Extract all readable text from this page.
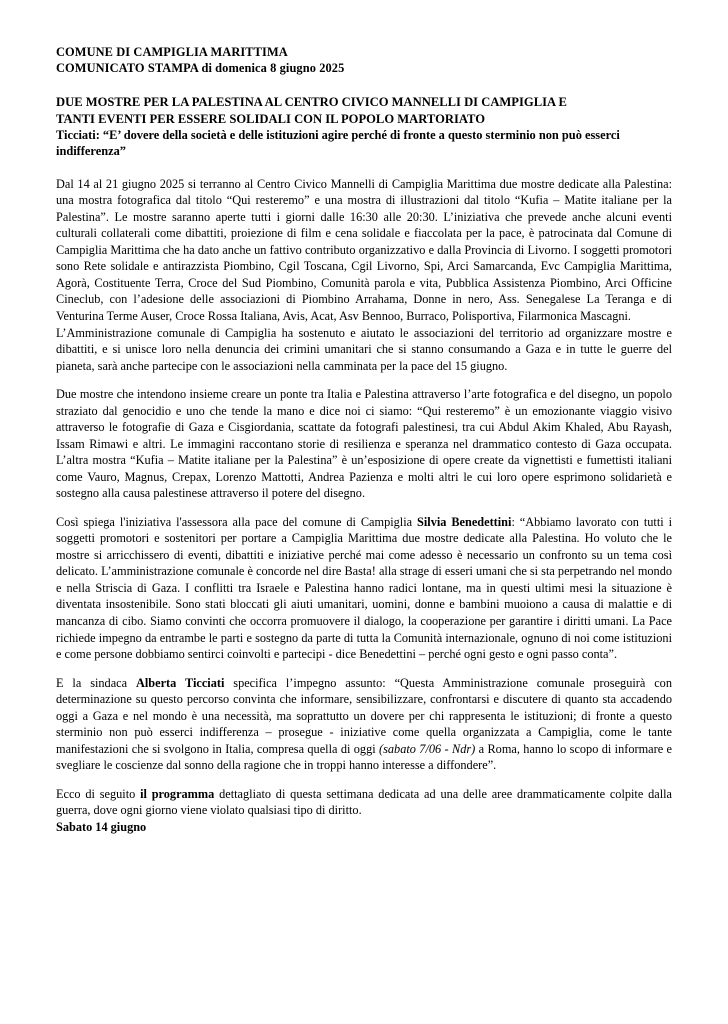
COMUNE DI CAMPIGLIA MARITTIMA
COMUNICATO STAMPA di domenica 8 giugno 2025
DUE MOSTRE PER LA PALESTINA AL CENTRO CIVICO MANNELLI DI CAMPIGLIA E
TANTI EVENTI PER ESSERE SOLIDALI CON IL POPOLO MARTORIATO
Ticciati: “E’ dovere della società e delle istituzioni agire perché di fronte a questo sterminio non può esserci indifferenza”

Dal 14 al 21 giugno 2025 si terranno al Centro Civico Mannelli di Campiglia Marittima due mostre dedicate alla Palestina: una mostra fotografica dal titolo “Qui resteremo” e una mostra di illustrazioni dal titolo “Kufia – Matite italiane per la Palestina”. Le mostre saranno aperte tutti i giorni dalle 16:30 alle 20:30. L’iniziativa che prevede anche alcuni eventi culturali collaterali come dibattiti, proiezione di film e cena solidale e fiaccolata per la pace, è patrocinata dal Comune di Campiglia Marittima che ha dato anche un fattivo contributo organizzativo e dalla Provincia di Livorno. I soggetti promotori sono Rete solidale e antirazzista Piombino, Cgil Toscana, Cgil Livorno, Spi, Arci Samarcanda, Evc Campiglia Marittima, Agorà, Costituente Terra, Croce del Sud Piombino, Comunità parola e vita, Pubblica Assistenza Piombino, Arci Officine Cineclub, con l’adesione delle associazioni di Piombino Arrahama, Donne in nero, Ass. Senegalese La Teranga e di Venturina Terme Auser, Croce Rossa Italiana, Avis, Acat, Asv Bennoo, Burraco, Polisportiva, Filarmonica Mascagni.

L’Amministrazione comunale di Campiglia ha sostenuto e aiutato le associazioni del territorio ad organizzare mostre e dibattiti, e si unisce loro nella denuncia dei crimini umanitari che si stanno consumando a Gaza e in tutte le guerre del pianeta, sarà anche partecipe con le associazioni nella camminata per la pace del 15 giugno.

Due mostre che intendono insieme creare un ponte tra Italia e Palestina attraverso l’arte fotografica e del disegno, un popolo straziato dal genocidio e uno che tende la mano e dice noi ci siamo: “Qui resteremo” è un emozionante viaggio visivo attraverso le fotografie di Gaza e Cisgiordania, scattate da fotografi palestinesi, tra cui Abdul Akim Khaled, Abu Rayash, Issam Rimawi e altri. Le immagini raccontano storie di resilienza e speranza nel drammatico contesto di Gaza occupata. L’altra mostra “Kufia – Matite italiane per la Palestina” è un’esposizione di opere create da vignettisti e fumettisti italiani come Vauro, Magnus, Crepax, Lorenzo Mattotti, Andrea Pazienza e molti altri le cui loro opere esprimono solidarietà e sostegno alla causa palestinese attraverso il potere del disegno.

Così spiega l'iniziativa l'assessora alla pace del comune di Campiglia Silvia Benedettini: “Abbiamo lavorato con tutti i soggetti promotori e sostenitori per portare a Campiglia Marittima due mostre dedicate alla Palestina. Ho voluto che le mostre si arricchissero di eventi, dibattiti e iniziative perché mai come adesso è necessario un confronto su un tema così delicato. L’amministrazione comunale è concorde nel dire Basta! alla strage di esseri umani che si sta perpetrando nel mondo e nella Striscia di Gaza. I conflitti tra Israele e Palestina hanno radici lontane, ma in questi ultimi mesi la situazione è diventata insostenibile. Sono stati bloccati gli aiuti umanitari, uomini, donne e bambini muoiono a causa di malattie e di mancanza di cibo. Siamo convinti che occorra promuovere il dialogo, la cooperazione per garantire i diritti umani. La Pace richiede impegno da entrambe le parti e sostegno da parte di tutta la Comunità internazionale, ognuno di noi come istituzioni e come persone dobbiamo sentirci coinvolti e partecipi - dice Benedettini – perché ogni gesto e ogni passo conta”.

E la sindaca Alberta Ticciati specifica l’impegno assunto: “Questa Amministrazione comunale proseguirà con determinazione su questo percorso convinta che informare, sensibilizzare, confrontarsi e discutere di quanto sta accadendo oggi a Gaza e nel mondo è una necessità, ma soprattutto un dovere per chi rappresenta le istituzioni; di fronte a questo sterminio non può esserci indifferenza – prosegue - iniziative come quella organizzata a Campiglia, come le tante manifestazioni che si svolgono in Italia, compresa quella di oggi (sabato 7/06 - Ndr) a Roma, hanno lo scopo di informare e svegliare le coscienze dal sonno della ragione che in troppi hanno interesse a diffondere”.

Ecco di seguito il programma dettagliato di questa settimana dedicata ad una delle aree drammaticamente colpite dalla guerra, dove ogni giorno viene violato qualsiasi tipo di diritto.

Sabato 14 giugno
